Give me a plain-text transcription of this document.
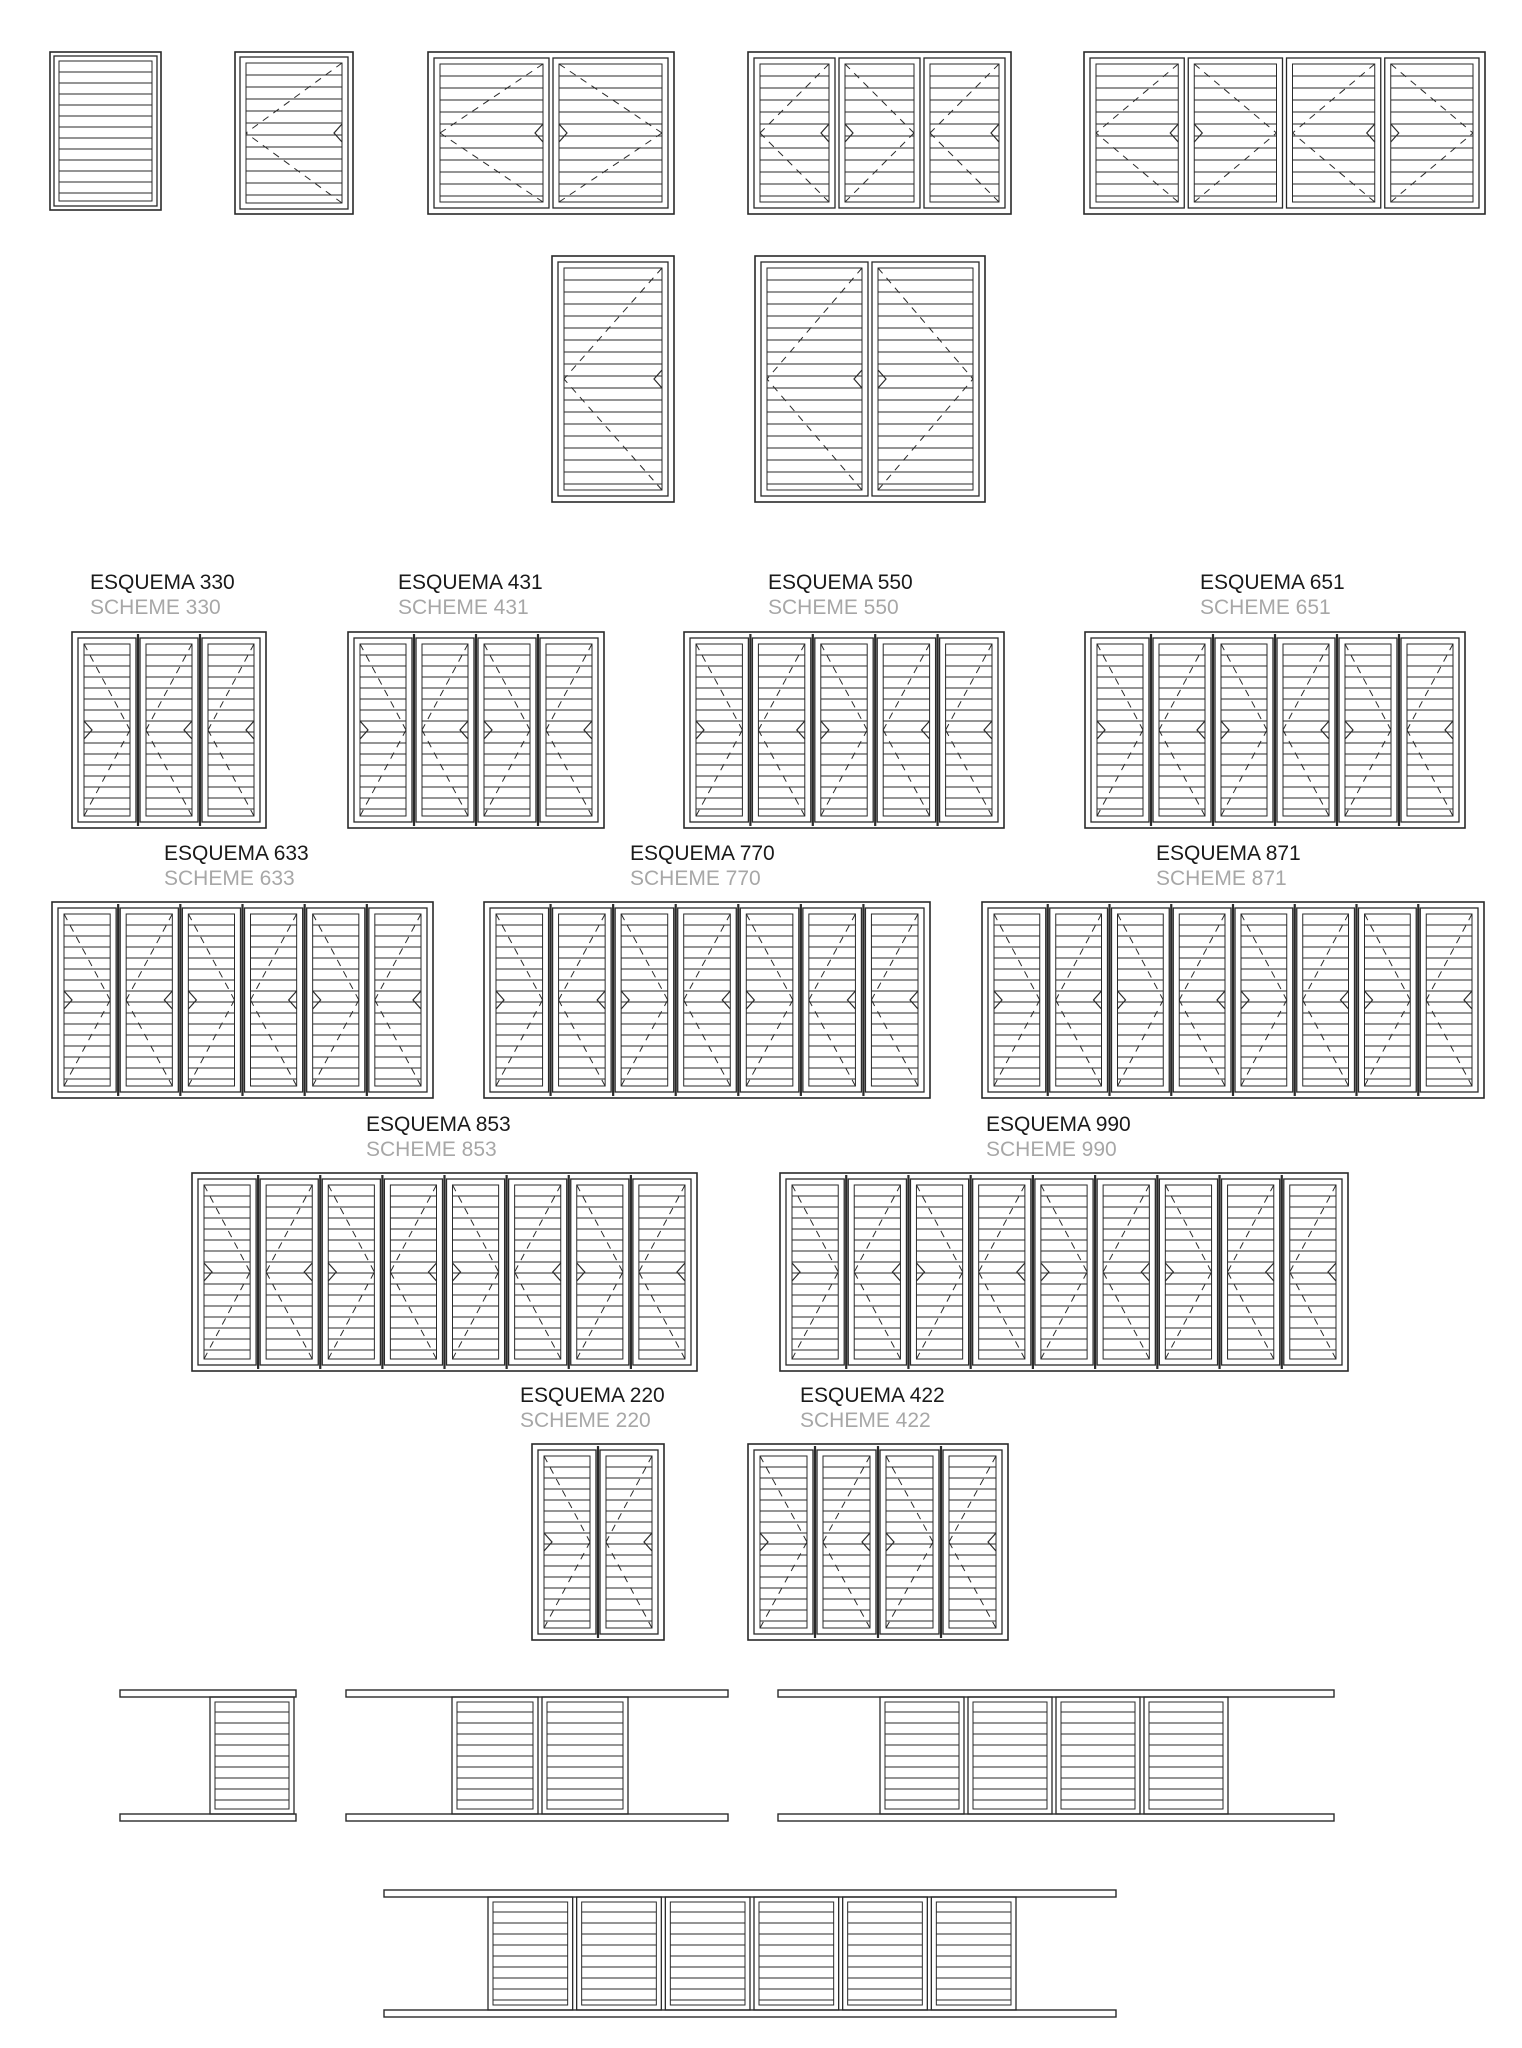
ESQUEMA 330
SCHEME 330
ESQUEMA 431
SCHEME 431
ESQUEMA 550
SCHEME 550
ESQUEMA 651
SCHEME 651
ESQUEMA 633
SCHEME 633
ESQUEMA 770
SCHEME 770
ESQUEMA 871
SCHEME 871
ESQUEMA 853
SCHEME 853
ESQUEMA 990
SCHEME 990
ESQUEMA 220
SCHEME 220
ESQUEMA 422
SCHEME 422
